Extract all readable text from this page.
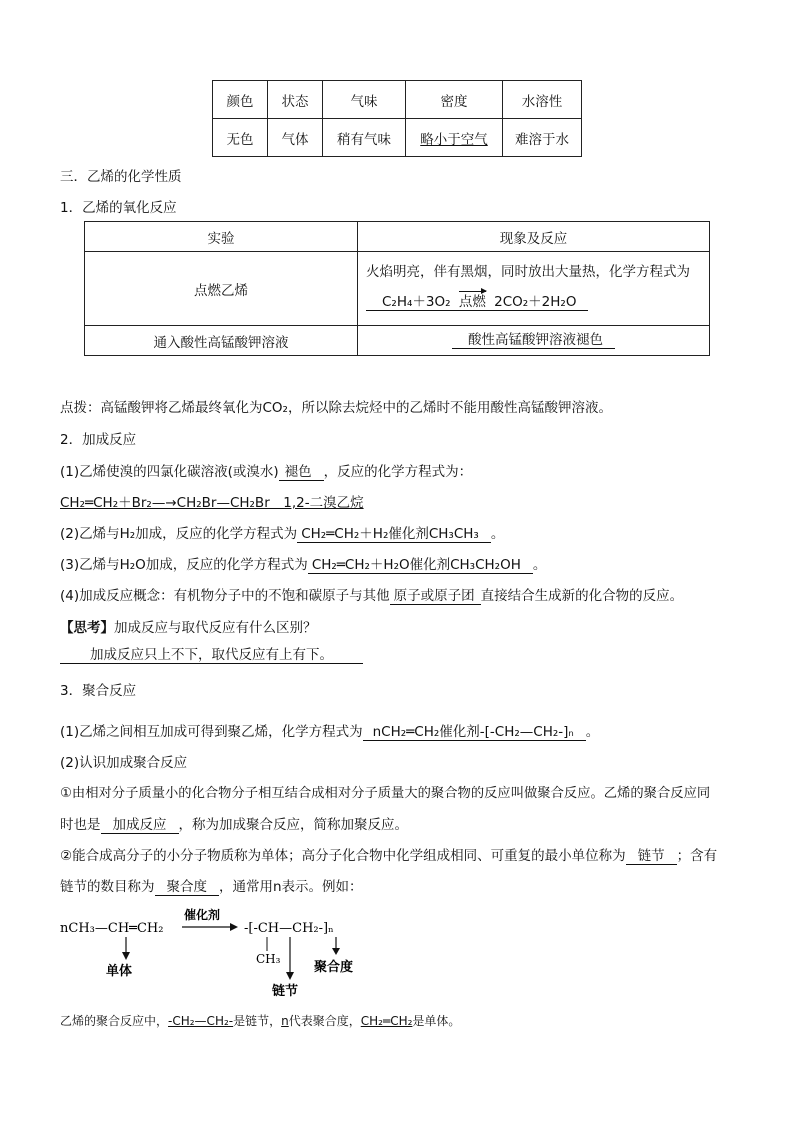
颜色	状态	气味	密度	水溶性
无色	气体	稍有气味	略小于空气	难溶于水
三．乙烯的化学性质
1．乙烯的氧化反应
实验	现象及反应
点燃乙烯	火焰明亮，伴有黑烟，同时放出大量热，化学方程式为
C₂H₄＋3O₂ 点燃 2CO₂＋2H₂O

通入酸性高锰酸钾溶液	酸性高锰酸钾溶液褪色
点拨：高锰酸钾将乙烯最终氧化为CO₂，所以除去烷烃中的乙烯时不能用酸性高锰酸钾溶液。
2．加成反应
(1)乙烯使溴的四氯化碳溶液(或溴水) 褪色 ，反应的化学方程式为：
CH₂═CH₂＋Br₂—→CH₂Br—CH₂Br　1,2-二溴乙烷
(2)乙烯与H₂加成，反应的化学方程式为 CH₂═CH₂＋H₂催化剂CH₃CH₃ 。
(3)乙烯与H₂O加成，反应的化学方程式为 CH₂═CH₂＋H₂O催化剂CH₃CH₂OH 。
(4)加成反应概念：有机物分子中的不饱和碳原子与其他 原子或原子团 直接结合生成新的化合物的反应。
【思考】加成反应与取代反应有什么区别？
加成反应只上不下，取代反应有上有下。
3．聚合反应
(1)乙烯之间相互加成可得到聚乙烯，化学方程式为 nCH₂═CH₂催化剂-[-CH₂—CH₂-]ₙ 。
(2)认识加成聚合反应
①由相对分子质量小的化合物分子相互结合成相对分子质量大的聚合物的反应叫做聚合反应。乙烯的聚合反应同
时也是 加成反应 ，称为加成聚合反应，简称加聚反应。
②能合成高分子的小分子物质称为单体；高分子化合物中化学组成相同、可重复的最小单位称为 链节 ；含有
链节的数目称为 聚合度 ，通常用n表示。例如：
nCH₃—CH═CH₂
单体
催化剂
-[-CH—CH₂-]ₙ
CH₃
链节
聚合度
乙烯的聚合反应中，-CH₂—CH₂-是链节，n代表聚合度，CH₂═CH₂是单体。
